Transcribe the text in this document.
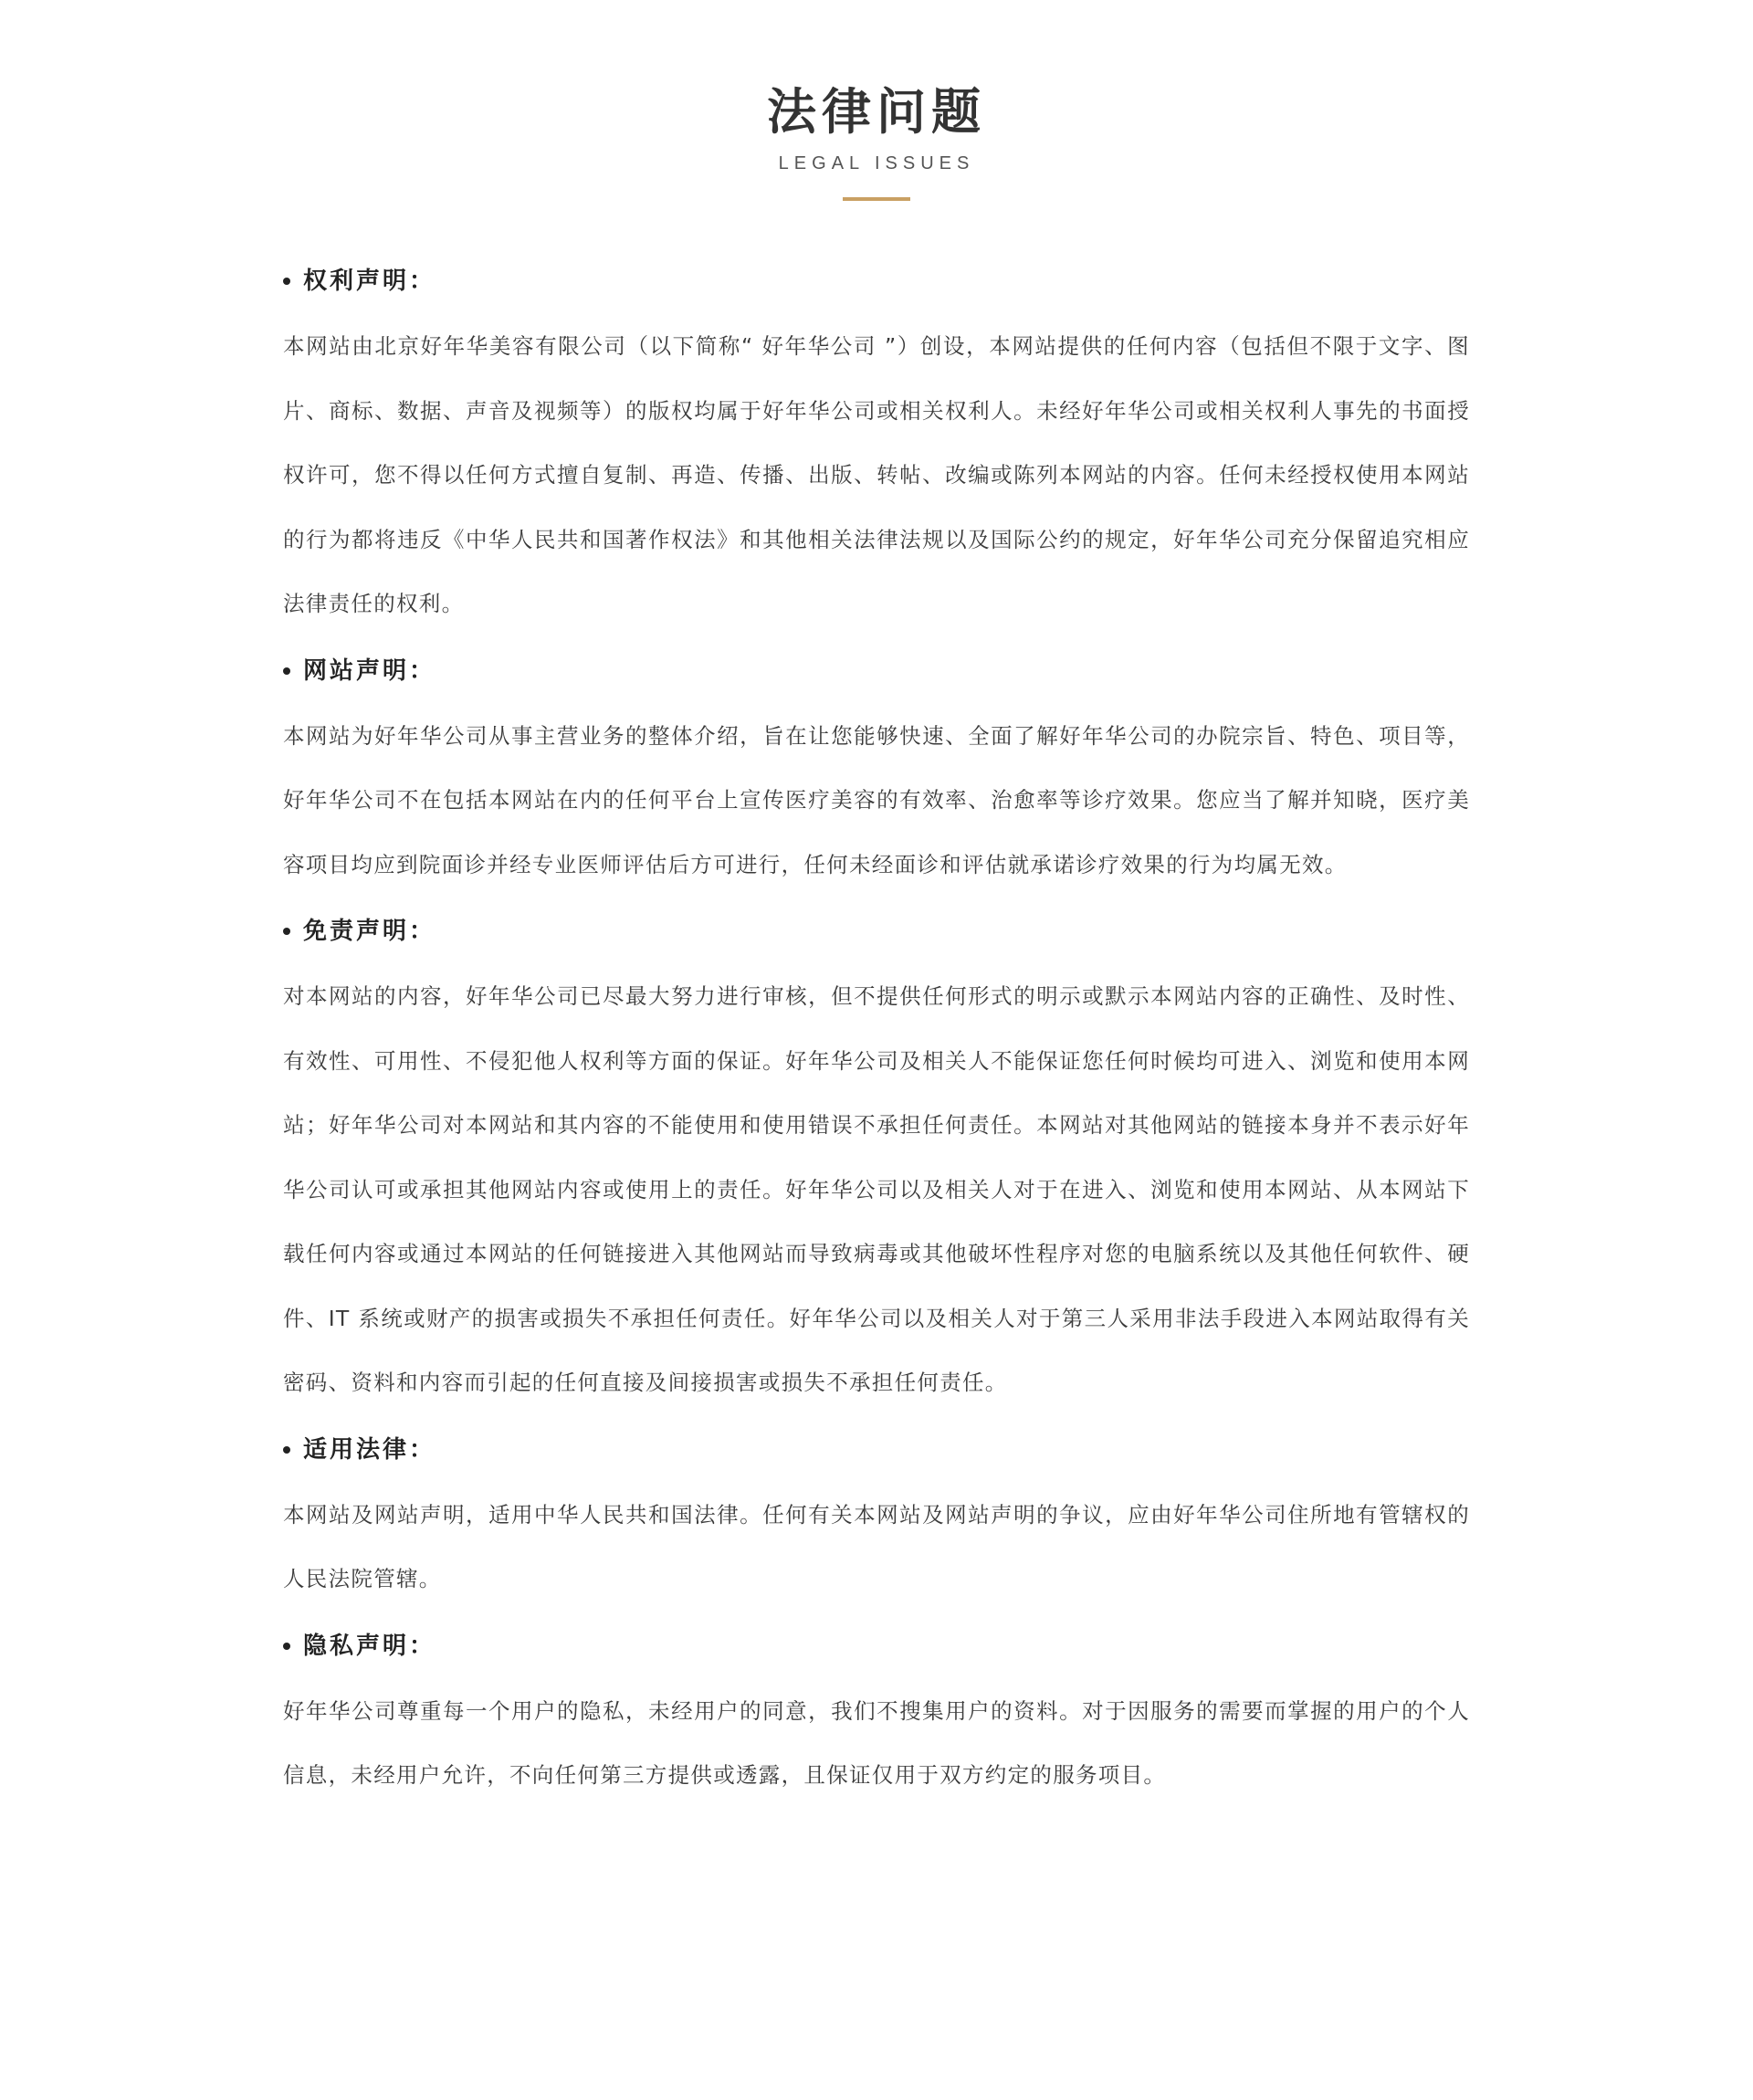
法律问题
LEGAL ISSUES
权利声明：

本网站由北京好年华美容有限公司（以下简称“ 好年华公司 ”）创设，本网站提供的任何内容（包括但不限于文字、图片、商标、数据、声音及视频等）的版权均属于好年华公司或相关权利人。未经好年华公司或相关权利人事先的书面授权许可，您不得以任何方式擅自复制、再造、传播、出版、转帖、改编或陈列本网站的内容。任何未经授权使用本网站的行为都将违反《中华人民共和国著作权法》和其他相关法律法规以及国际公约的规定，好年华公司充分保留追究相应法律责任的权利。

网站声明：

本网站为好年华公司从事主营业务的整体介绍，旨在让您能够快速、全面了解好年华公司的办院宗旨、特色、项目等，好年华公司不在包括本网站在内的任何平台上宣传医疗美容的有效率、治愈率等诊疗效果。您应当了解并知晓，医疗美容项目均应到院面诊并经专业医师评估后方可进行，任何未经面诊和评估就承诺诊疗效果的行为均属无效。

免责声明：

对本网站的内容，好年华公司已尽最大努力进行审核，但不提供任何形式的明示或默示本网站内容的正确性、及时性、有效性、可用性、不侵犯他人权利等方面的保证。好年华公司及相关人不能保证您任何时候均可进入、浏览和使用本网站；好年华公司对本网站和其内容的不能使用和使用错误不承担任何责任。本网站对其他网站的链接本身并不表示好年华公司认可或承担其他网站内容或使用上的责任。好年华公司以及相关人对于在进入、浏览和使用本网站、从本网站下载任何内容或通过本网站的任何链接进入其他网站而导致病毒或其他破坏性程序对您的电脑系统以及其他任何软件、硬件、IT 系统或财产的损害或损失不承担任何责任。好年华公司以及相关人对于第三人采用非法手段进入本网站取得有关密码、资料和内容而引起的任何直接及间接损害或损失不承担任何责任。

适用法律：

本网站及网站声明，适用中华人民共和国法律。任何有关本网站及网站声明的争议，应由好年华公司住所地有管辖权的人民法院管辖。

隐私声明：

好年华公司尊重每一个用户的隐私，未经用户的同意，我们不搜集用户的资料。对于因服务的需要而掌握的用户的个人信息，未经用户允许，不向任何第三方提供或透露，且保证仅用于双方约定的服务项目。
